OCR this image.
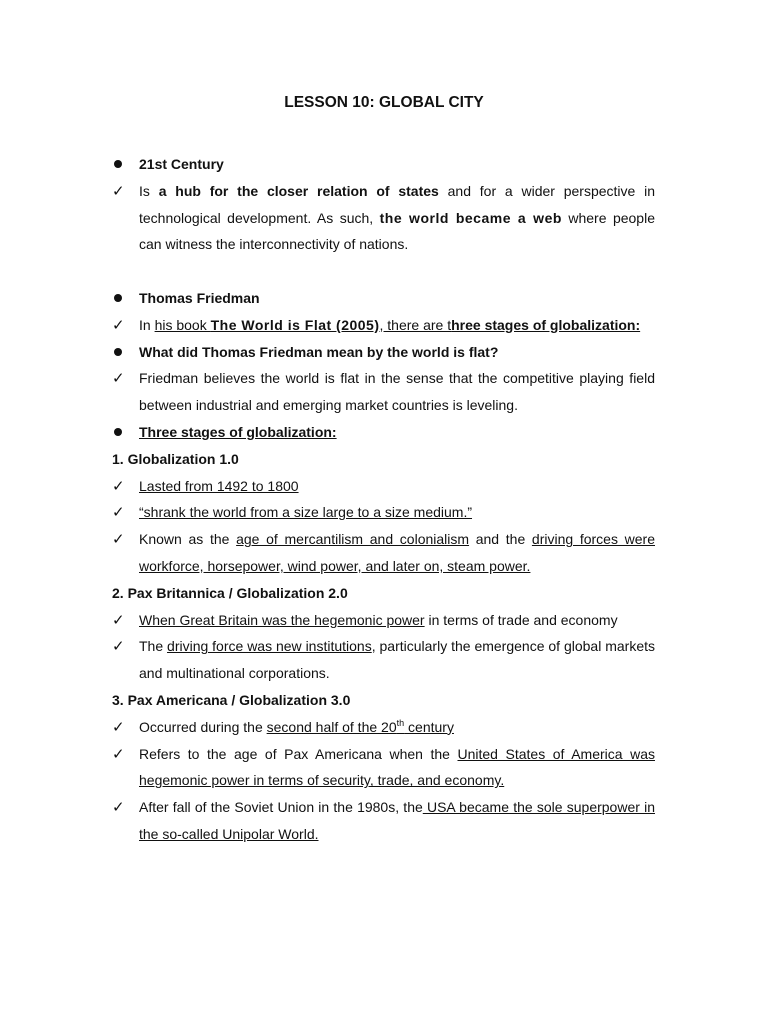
LESSON 10: GLOBAL CITY
21st Century
✓	Is a hub for the closer relation of states and for a wider perspective in technological development. As such, the world became a web where people can witness the interconnectivity of nations.
Thomas Friedman
✓	In his book The World is Flat (2005), there are three stages of globalization:
What did Thomas Friedman mean by the world is flat?
✓	Friedman believes the world is flat in the sense that the competitive playing field between industrial and emerging market countries is leveling.
Three stages of globalization:
1. Globalization 1.0
✓	Lasted from 1492 to 1800
✓	“shrank the world from a size large to a size medium.”
✓	Known as the age of mercantilism and colonialism and the driving forces were workforce, horsepower, wind power, and later on, steam power.
2. Pax Britannica / Globalization 2.0
✓	When Great Britain was the hegemonic power in terms of trade and economy
✓	The driving force was new institutions, particularly the emergence of global markets and multinational corporations.
3. Pax Americana / Globalization 3.0
✓	Occurred during the second half of the 20th century
✓	Refers to the age of Pax Americana when the United States of America was hegemonic power in terms of security, trade, and economy.
✓	After fall of the Soviet Union in the 1980s, the USA became the sole superpower in the so-called Unipolar World.
